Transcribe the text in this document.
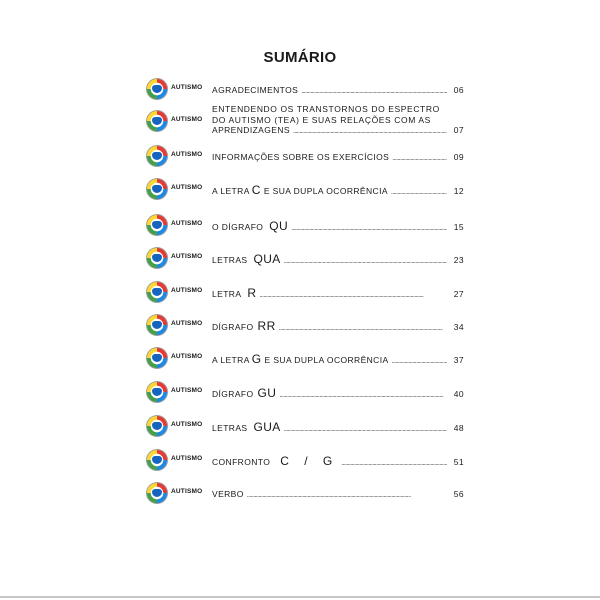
SUMÁRIO
AUTISMO AGRADECIMENTOS . . .	06
AUTISMO
ENTENDENDO OS TRANSTORNOS DO ESPECTRO
DO AUTISMO (TEA) E SUAS RELAÇÕES COM AS
APRENDIZAGENS . . .	07
AUTISMO INFORMAÇÕES SOBRE OS EXERCÍCIOS . . .	09
AUTISMO A LETRA C E SUA DUPLA OCORRÊNCIA . . .	12
AUTISMO O DÍGRAFO QU . . .	15
AUTISMO LETRAS QUA . . .	23
AUTISMO LETRA R . . .	27
AUTISMO DÍGRAFO RR . . .	34
AUTISMO A LETRA G E SUA DUPLA OCORRÊNCIA . . .	37
AUTISMO DÍGRAFO GU . . .	40
AUTISMO LETRAS GUA . . .	48
AUTISMO CONFRONTO C / G . . .	51
AUTISMO VERBO . . .	56
